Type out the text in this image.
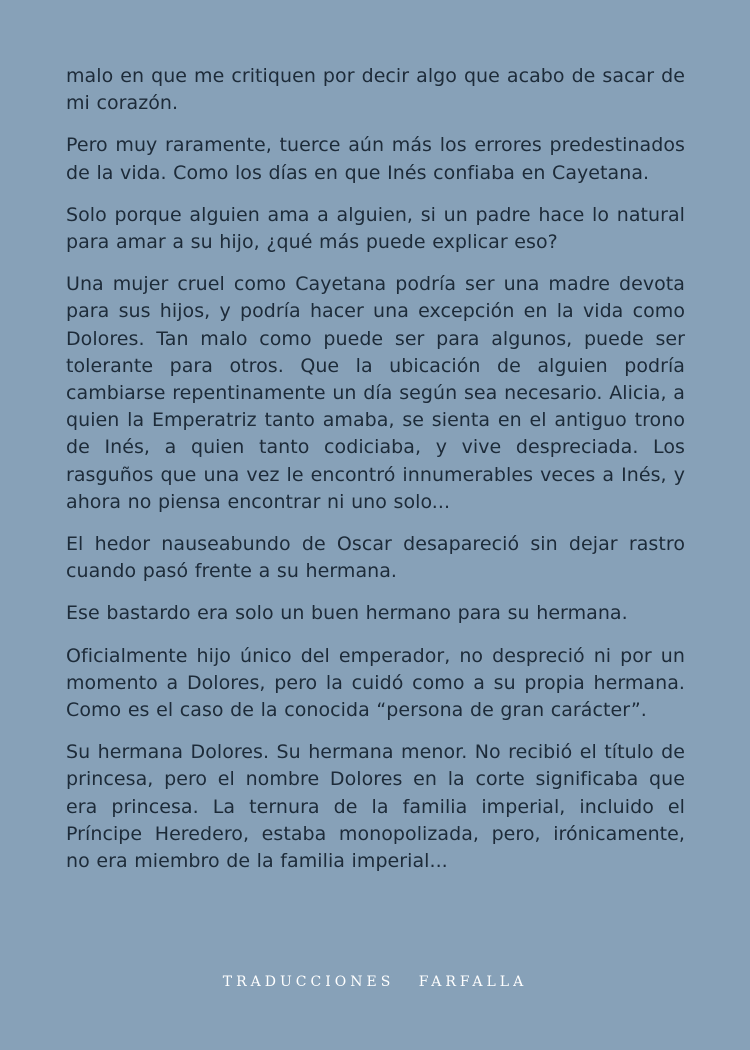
malo en que me critiquen por decir algo que acabo de sacar de mi corazón.

Pero muy raramente, tuerce aún más los errores predestinados de la vida. Como los días en que Inés confiaba en Cayetana.

Solo porque alguien ama a alguien, si un padre hace lo natural para amar a su hijo, ¿qué más puede explicar eso?

Una mujer cruel como Cayetana podría ser una madre devota para sus hijos, y podría hacer una excepción en la vida como Dolores. Tan malo como puede ser para algunos, puede ser tolerante para otros. Que la ubicación de alguien podría cambiarse repentinamente un día según sea necesario. Alicia, a quien la Emperatriz tanto amaba, se sienta en el antiguo trono de Inés, a quien tanto codiciaba, y vive despreciada. Los rasguños que una vez le encontró innumerables veces a Inés, y ahora no piensa encontrar ni uno solo...

El hedor nauseabundo de Oscar desapareció sin dejar rastro cuando pasó frente a su hermana.

Ese bastardo era solo un buen hermano para su hermana.

Oficialmente hijo único del emperador, no despreció ni por un momento a Dolores, pero la cuidó como a su propia hermana. Como es el caso de la conocida “persona de gran carácter”.

Su hermana Dolores. Su hermana menor. No recibió el título de princesa, pero el nombre Dolores en la corte significaba que era princesa. La ternura de la familia imperial, incluido el Príncipe Heredero, estaba monopolizada, pero, irónicamente, no era miembro de la familia imperial...

TRADUCCIONES FARFALLA
